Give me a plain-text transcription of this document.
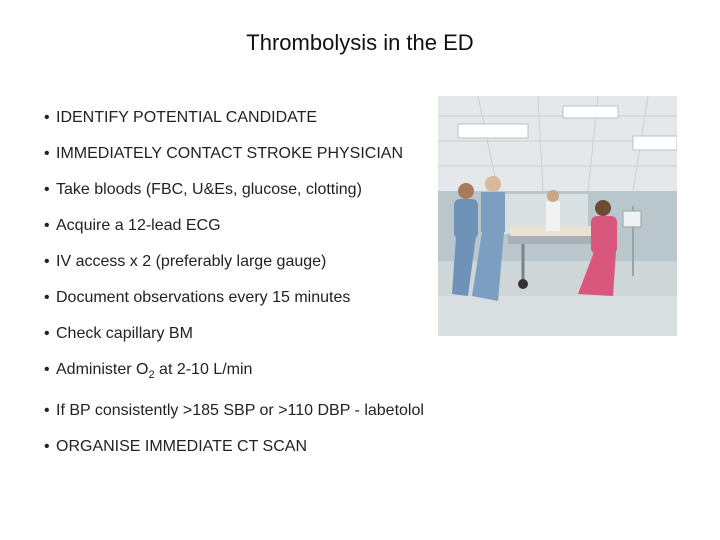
Thrombolysis in the ED
• IDENTIFY POTENTIAL CANDIDATE
• IMMEDIATELY CONTACT STROKE PHYSICIAN
• Take bloods (FBC, U&Es, glucose, clotting)
• Acquire a 12-lead ECG
• IV access x 2 (preferably large gauge)
• Document observations every 15 minutes
• Check capillary BM
• Administer $O_2$ at 2-10 L/min
• If BP consistently >185 SBP or >110 DBP - labetolol
• ORGANISE IMMEDIATE CT SCAN
